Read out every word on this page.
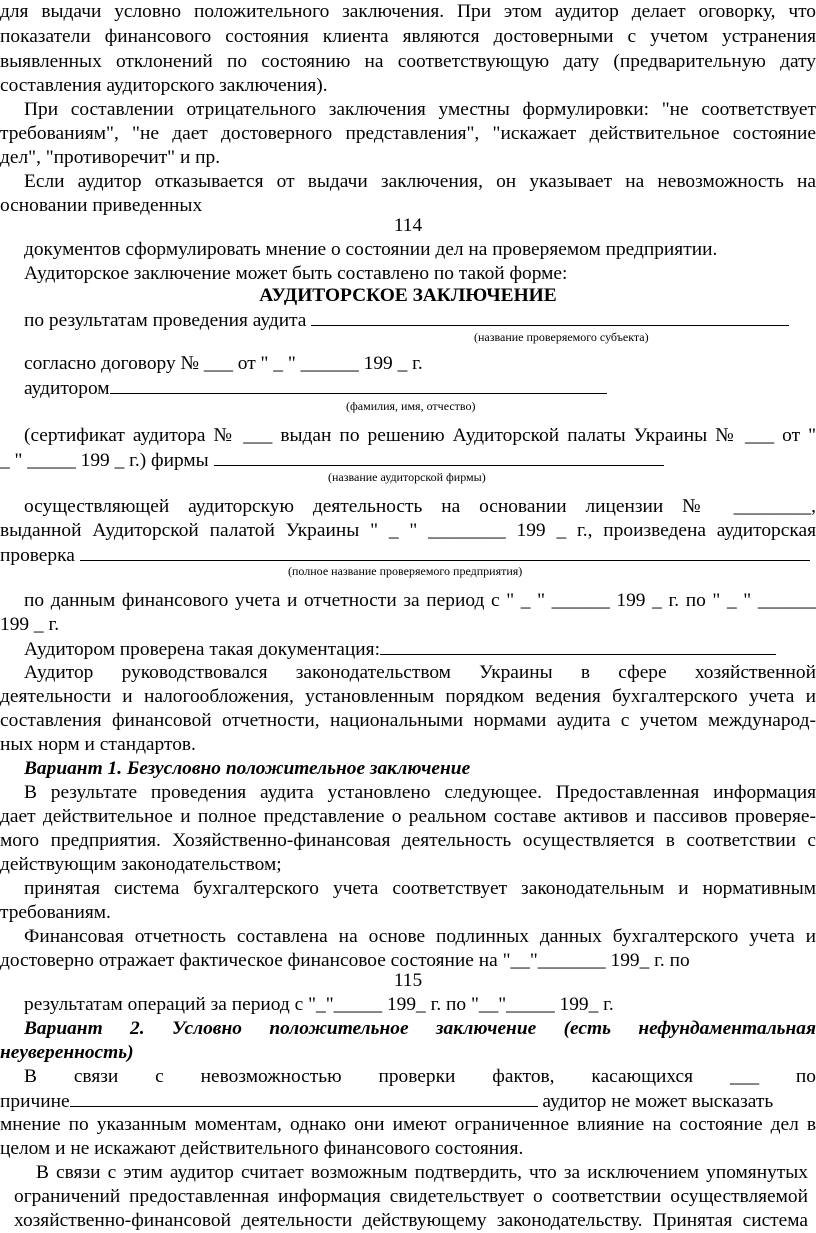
для выдачи условно положительного заключения. При этом аудитор делает оговорку, что
показатели финансового состояния клиента являются достоверными с учетом устранения
выявленных отклонений по состоянию на соответствующую дату (предварительную дату
составления аудиторского заключения).
При составлении отрицательного заключения уместны формулировки: "не соответствует
требованиям", "не дает достоверного представления", "искажает действительное состояние
дел", "противоречит" и пр.
Если аудитор отказывается от выдачи заключения, он указывает на невозможность на
основании приведенных
114
документов сформулировать мнение о состоянии дел на проверяемом предприятии.
Аудиторское заключение может быть составлено по такой форме:
АУДИТОРСКОЕ ЗАКЛЮЧЕНИЕ
по результатам проведения аудита
(название проверяемого субъекта)
согласно договору № ___ от " _ " ______ 199 _ г.
аудитором
(фамилия, имя, отчество)
(сертификат аудитора № ___ выдан по решению Аудиторской палаты Украины № ___ от "
_ " _____ 199 _ г.) фирмы
(название аудиторской фирмы)
осуществляющей аудиторскую деятельность на основании лицензии № ________,
выданной Аудиторской палатой Украины " _ " ________ 199 _ г., произведена аудиторская
проверка
(полное название проверяемого предприятия)
по данным финансового учета и отчетности за период с " _ " ______ 199 _ г. по " _ " ______
199 _ г.
Аудитором проверена такая документация:
Аудитор руководствовался законодательством Украины в сфере хозяйственной
деятельности и налогообложения, установленным порядком ведения бухгалтерского учета и
составления финансовой отчетности, национальными нормами аудита с учетом международ-
ных норм и стандартов.
Вариант 1. Безусловно положительное заключение
В результате проведения аудита установлено следующее. Предоставленная информация
дает действительное и полное представление о реальном составе активов и пассивов проверяе-
мого предприятия. Хозяйственно-финансовая деятельность осуществляется в соответствии с
действующим законодательством;
принятая система бухгалтерского учета соответствует законодательным и нормативным
требованиям.
Финансовая отчетность составлена на основе подлинных данных бухгалтерского учета и
достоверно отражает фактическое финансовое состояние на "__"_______ 199_ г. по
115
результатам операций за период с "_"_____ 199_ г. по "__"_____ 199_ г.
Вариант 2. Условно положительное заключение (есть нефундаментальная
неуверенность)
В связи с невозможностью проверки фактов, касающихся ___ по
причине	аудитор не может высказать
мнение по указанным моментам, однако они имеют ограниченное влияние на состояние дел в
целом и не искажают действительного финансового состояния.
В связи с этим аудитор считает возможным подтвердить, что за исключением упомянутых
ограничений предоставленная информация свидетельствует о соответствии осуществляемой
хозяйственно-финансовой деятельности действующему законодательству. Принятая система
